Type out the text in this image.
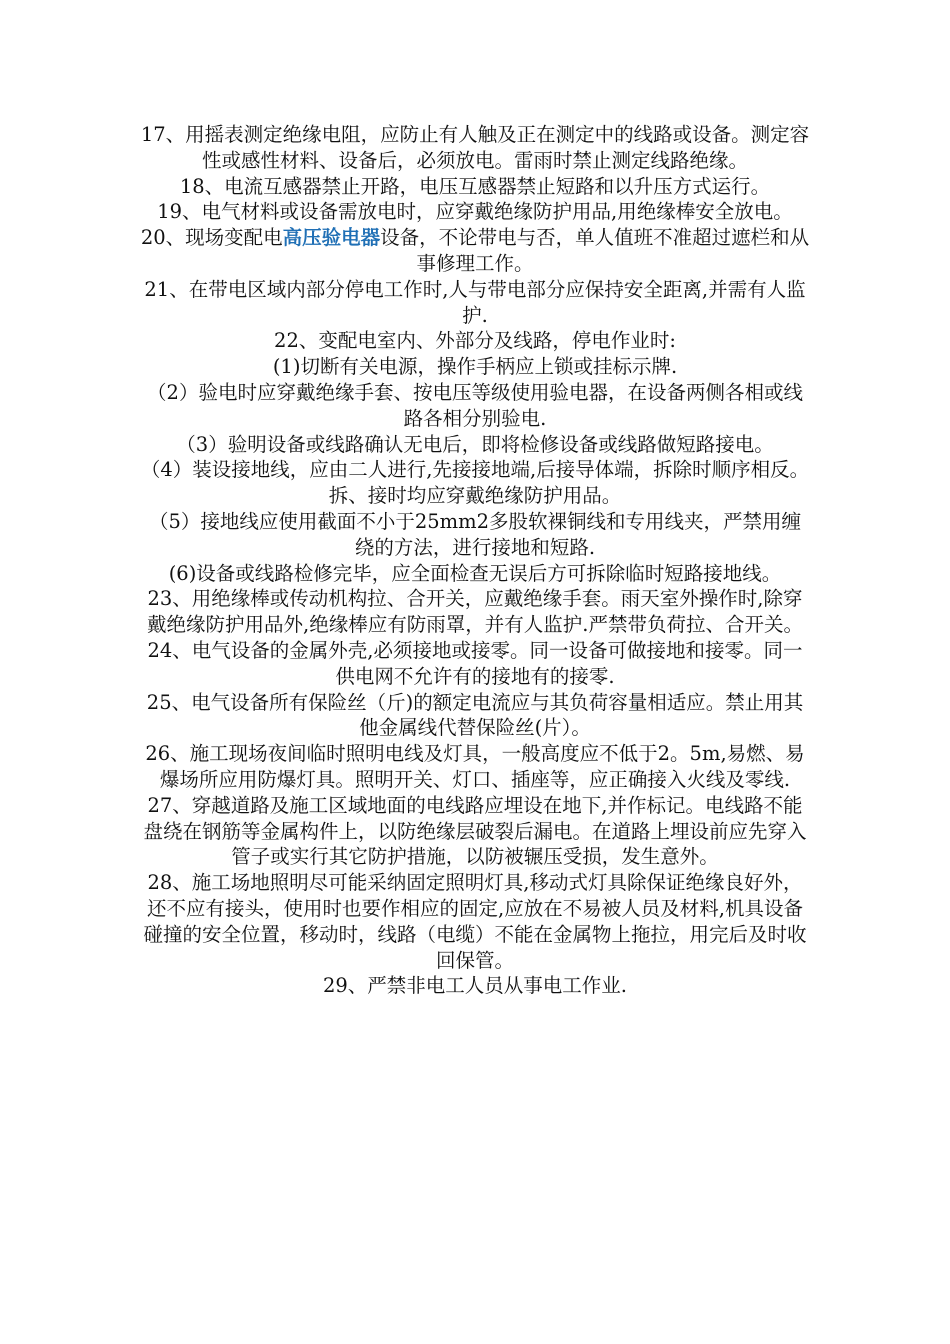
17、用摇表测定绝缘电阻，应防止有人触及正在测定中的线路或设备。测定容性或感性材料、设备后，必须放电。雷雨时禁止测定线路绝缘。

18、电流互感器禁止开路，电压互感器禁止短路和以升压方式运行。

19、电气材料或设备需放电时，应穿戴绝缘防护用品,用绝缘棒安全放电。

20、现场变配电高压验电器设备，不论带电与否，单人值班不准超过遮栏和从事修理工作。

21、在带电区域内部分停电工作时,人与带电部分应保持安全距离,并需有人监护.

22、变配电室内、外部分及线路，停电作业时:

(1)切断有关电源，操作手柄应上锁或挂标示牌.

（2）验电时应穿戴绝缘手套、按电压等级使用验电器，在设备两侧各相或线路各相分别验电.

（3）验明设备或线路确认无电后，即将检修设备或线路做短路接电。

（4）装设接地线，应由二人进行,先接接地端,后接导体端，拆除时顺序相反。拆、接时均应穿戴绝缘防护用品。

（5）接地线应使用截面不小于25mm2多股软裸铜线和专用线夹，严禁用缠绕的方法，进行接地和短路.

(6)设备或线路检修完毕，应全面检查无误后方可拆除临时短路接地线。

23、用绝缘棒或传动机构拉、合开关，应戴绝缘手套。雨天室外操作时,除穿戴绝缘防护用品外,绝缘棒应有防雨罩，并有人监护.严禁带负荷拉、合开关。

24、电气设备的金属外壳,必须接地或接零。同一设备可做接地和接零。同一供电网不允许有的接地有的接零.

25、电气设备所有保险丝（斤)的额定电流应与其负荷容量相适应。禁止用其他金属线代替保险丝(片）。

26、施工现场夜间临时照明电线及灯具，一般高度应不低于2。5m,易燃、易爆场所应用防爆灯具。照明开关、灯口、插座等，应正确接入火线及零线.

27、穿越道路及施工区域地面的电线路应埋设在地下,并作标记。电线路不能盘绕在钢筋等金属构件上，以防绝缘层破裂后漏电。在道路上埋设前应先穿入管子或实行其它防护措施，以防被辗压受损，发生意外。

28、施工场地照明尽可能采纳固定照明灯具,移动式灯具除保证绝缘良好外，还不应有接头，使用时也要作相应的固定,应放在不易被人员及材料,机具设备碰撞的安全位置，移动时，线路（电缆）不能在金属物上拖拉，用完后及时收回保管。

29、严禁非电工人员从事电工作业.
